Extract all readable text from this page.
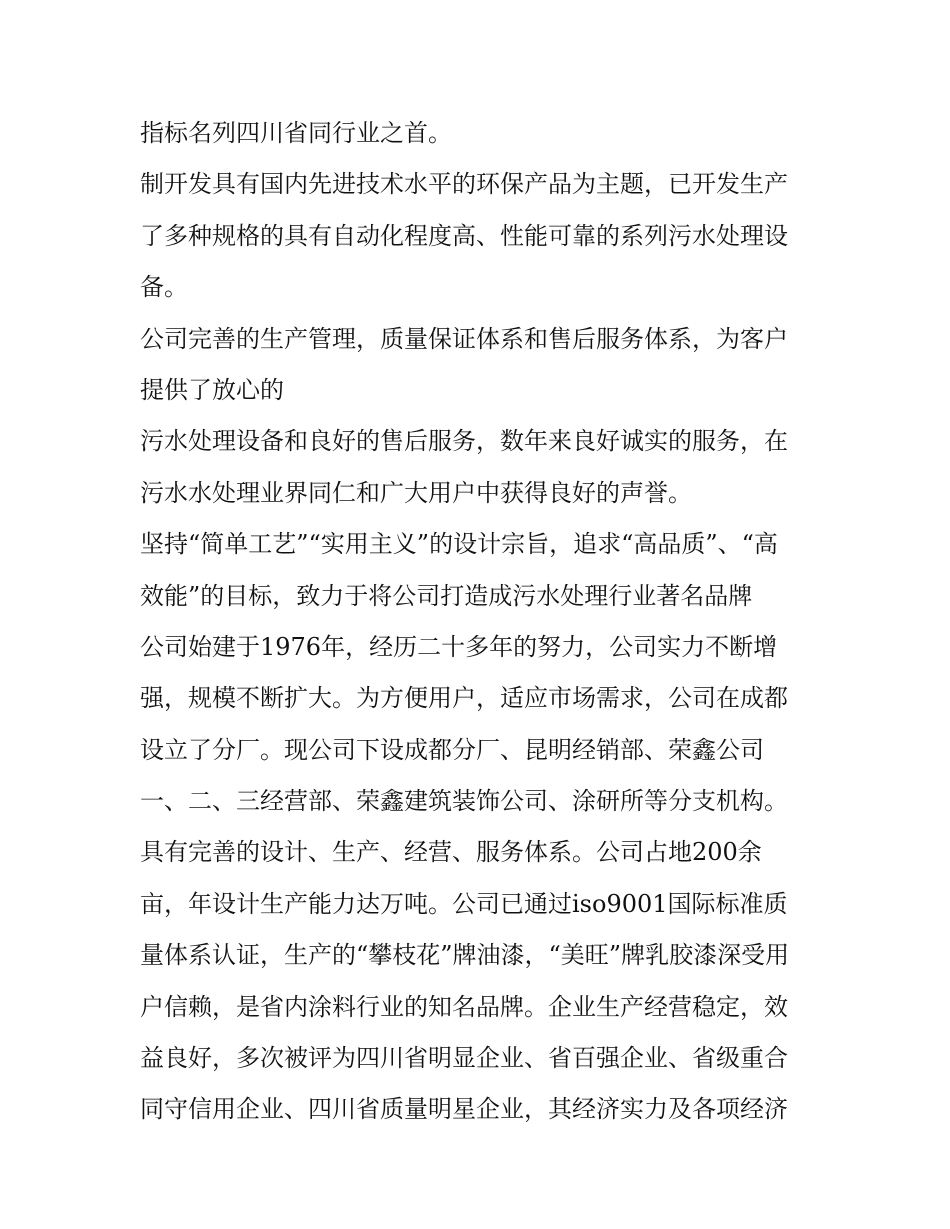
指标名列四川省同行业之首。
制开发具有国内先进技术水平的环保产品为主题，已开发生产
了多种规格的具有自动化程度高、性能可靠的系列污水处理设
备。
公司完善的生产管理，质量保证体系和售后服务体系，为客户
提供了放心的
污水处理设备和良好的售后服务，数年来良好诚实的服务，在
污水水处理业界同仁和广大用户中获得良好的声誉。
坚持“简单工艺”“实用主义”的设计宗旨，追求“高品质”、“高
效能”的目标，致力于将公司打造成污水处理行业著名品牌
公司始建于1976年，经历二十多年的努力，公司实力不断增
强，规模不断扩大。为方便用户，适应市场需求，公司在成都
设立了分厂。现公司下设成都分厂、昆明经销部、荣鑫公司
一、二、三经营部、荣鑫建筑装饰公司、涂研所等分支机构。
具有完善的设计、生产、经营、服务体系。公司占地200余
亩，年设计生产能力达万吨。公司已通过iso9001国际标准质
量体系认证，生产的“攀枝花”牌油漆，“美旺”牌乳胶漆深受用
户信赖，是省内涂料行业的知名品牌。企业生产经营稳定，效
益良好，多次被评为四川省明显企业、省百强企业、省级重合
同守信用企业、四川省质量明星企业，其经济实力及各项经济
